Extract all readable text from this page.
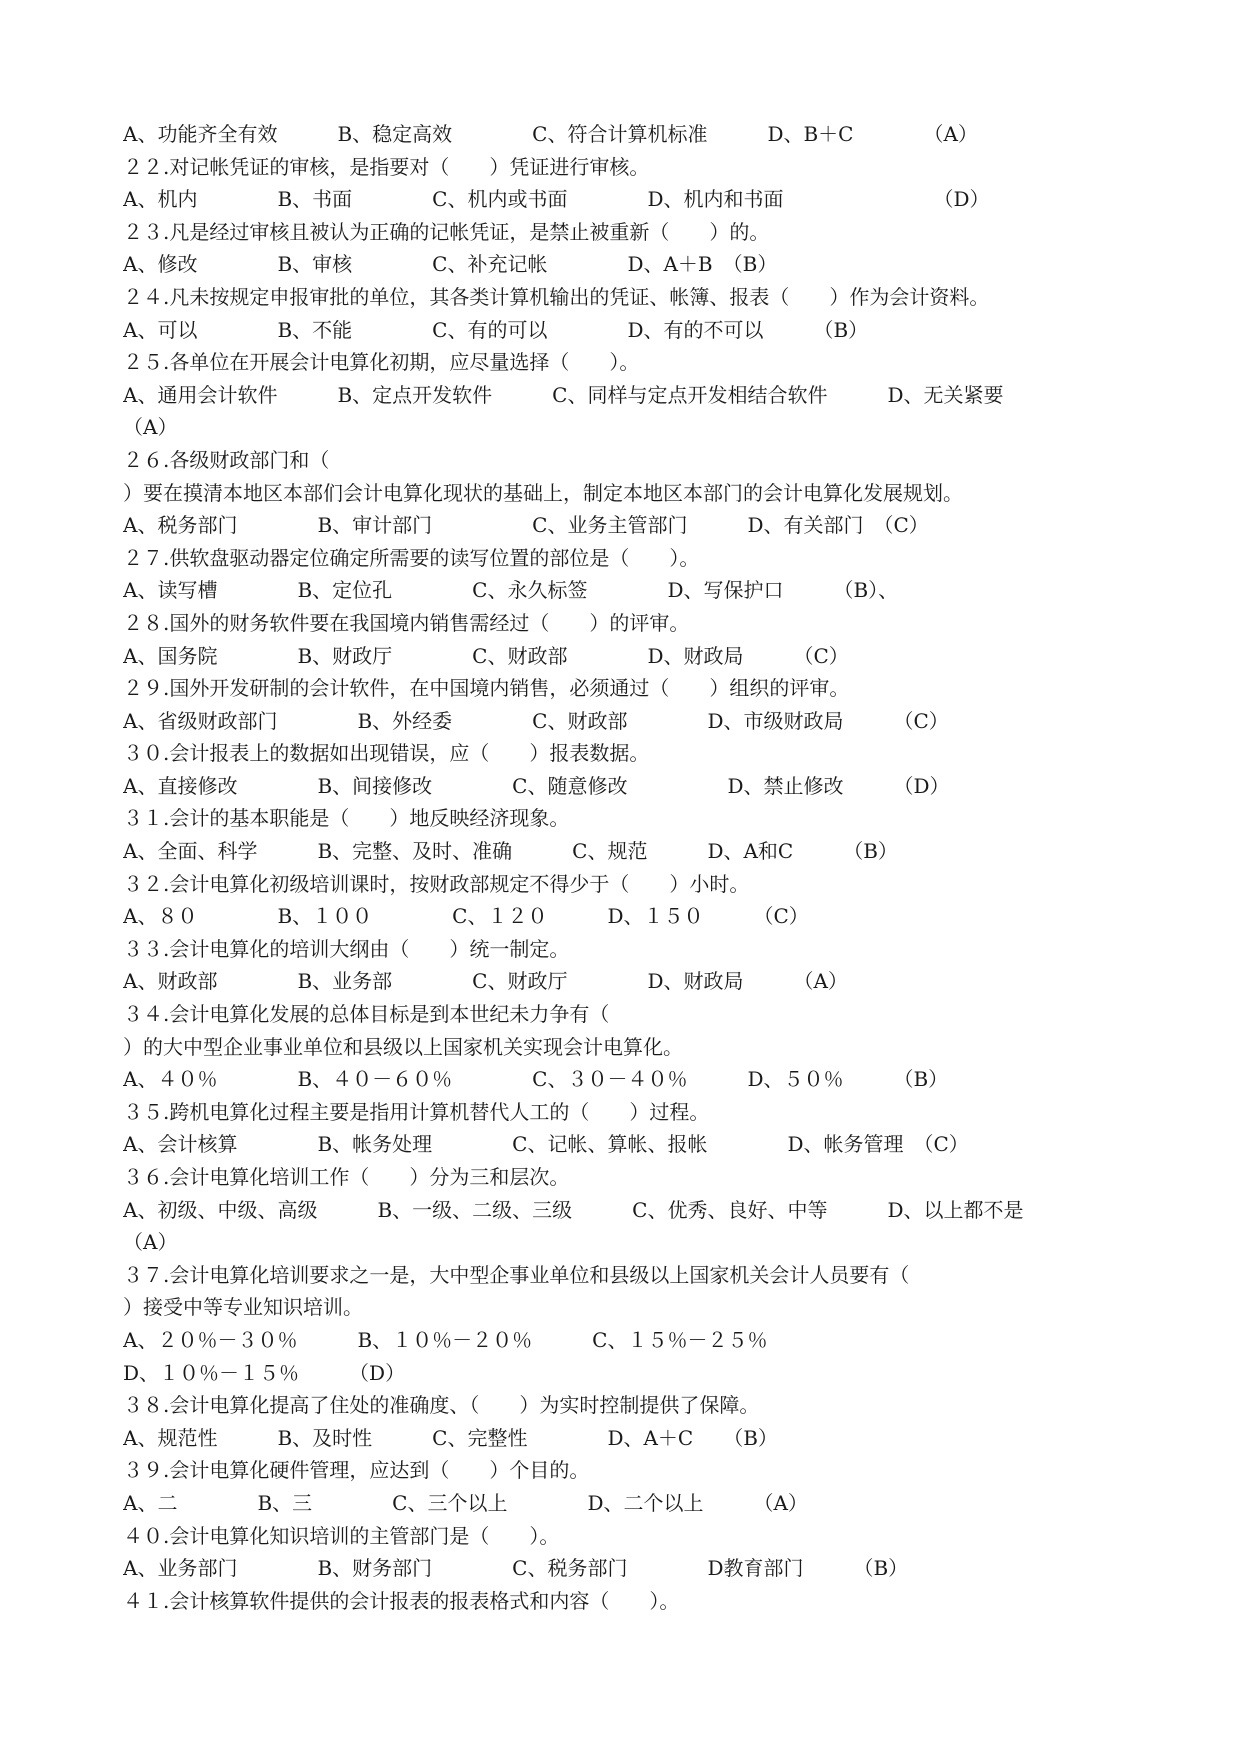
A、功能齐全有效　　　B、稳定高效　　　　C、符合计算机标准　　　D、B＋C　　　　（A）
２２.对记帐凭证的审核，是指要对（　　）凭证进行审核。
A、机内　　　　B、书面　　　　C、机内或书面　　　　D、机内和书面　　　　　　　　（D）
２３.凡是经过审核且被认为正确的记帐凭证，是禁止被重新（　　）的。
A、修改　　　　B、审核　　　　C、补充记帐　　　　D、A＋B　（B）
２４.凡未按规定申报审批的单位，其各类计算机输出的凭证、帐簿、报表（　　）作为会计资料。
A、可以　　　　B、不能　　　　C、有的可以　　　　D、有的不可以　　　（B）
２５.各单位在开展会计电算化初期，应尽量选择（　　）。
A、通用会计软件　　　B、定点开发软件　　　C、同样与定点开发相结合软件　　　D、无关紧要
（A）
２６.各级财政部门和（
）要在摸清本地区本部们会计电算化现状的基础上，制定本地区本部门的会计电算化发展规划。
A、税务部门　　　　B、审计部门　　　　　C、业务主管部门　　　D、有关部门　（C）
２７.供软盘驱动器定位确定所需要的读写位置的部位是（　　）。
A、读写槽　　　　B、定位孔　　　　C、永久标签　　　　D、写保护口　　　（B）、
２８.国外的财务软件要在我国境内销售需经过（　　）的评审。
A、国务院　　　　B、财政厅　　　　C、财政部　　　　D、财政局　　　（C）
２９.国外开发研制的会计软件，在中国境内销售，必须通过（　　）组织的评审。
A、省级财政部门　　　　B、外经委　　　　C、财政部　　　　D、市级财政局　　　（C）
３０.会计报表上的数据如出现错误，应（　　）报表数据。
A、直接修改　　　　B、间接修改　　　　C、随意修改　　　　　D、禁止修改　　　（D）
３１.会计的基本职能是（　　）地反映经济现象。
A、全面、科学　　　B、完整、及时、准确　　　C、规范　　　D、A和C　　　（B）
３２.会计电算化初级培训课时，按财政部规定不得少于（　　）小时。
A、８０　　　　B、１００　　　　C、１２０　　　D、１５０　　　（C）
３３.会计电算化的培训大纲由（　　）统一制定。
A、财政部　　　　B、业务部　　　　C、财政厅　　　　D、财政局　　　（A）
３４.会计电算化发展的总体目标是到本世纪未力争有（
）的大中型企业事业单位和县级以上国家机关实现会计电算化。
A、４０％　　　　B、４０－６０％　　　　C、３０－４０％　　　D、５０％　　　（B）
３５.跨机电算化过程主要是指用计算机替代人工的（　　）过程。
A、会计核算　　　　B、帐务处理　　　　C、记帐、算帐、报帐　　　　D、帐务管理　（C）
３６.会计电算化培训工作（　　）分为三和层次。
A、初级、中级、高级　　　B、一级、二级、三级　　　C、优秀、良好、中等　　　D、以上都不是
（A）
３７.会计电算化培训要求之一是，大中型企事业单位和县级以上国家机关会计人员要有（
）接受中等专业知识培训。
A、２０％－３０％　　　B、１０％－２０％　　　C、１５％－２５％
D、１０％－１５％　　　（D）
３８.会计电算化提高了住处的准确度、（　　）为实时控制提供了保障。
A、规范性　　　B、及时性　　　C、完整性　　　　D、A＋C　　（B）
３９.会计电算化硬件管理，应达到（　　）个目的。
A、二　　　　B、三　　　　C、三个以上　　　　D、二个以上　　　（A）
４０.会计电算化知识培训的主管部门是（　　）。
A、业务部门　　　　B、财务部门　　　　C、税务部门　　　　D教育部门　　　（B）
４１.会计核算软件提供的会计报表的报表格式和内容（　　）。
